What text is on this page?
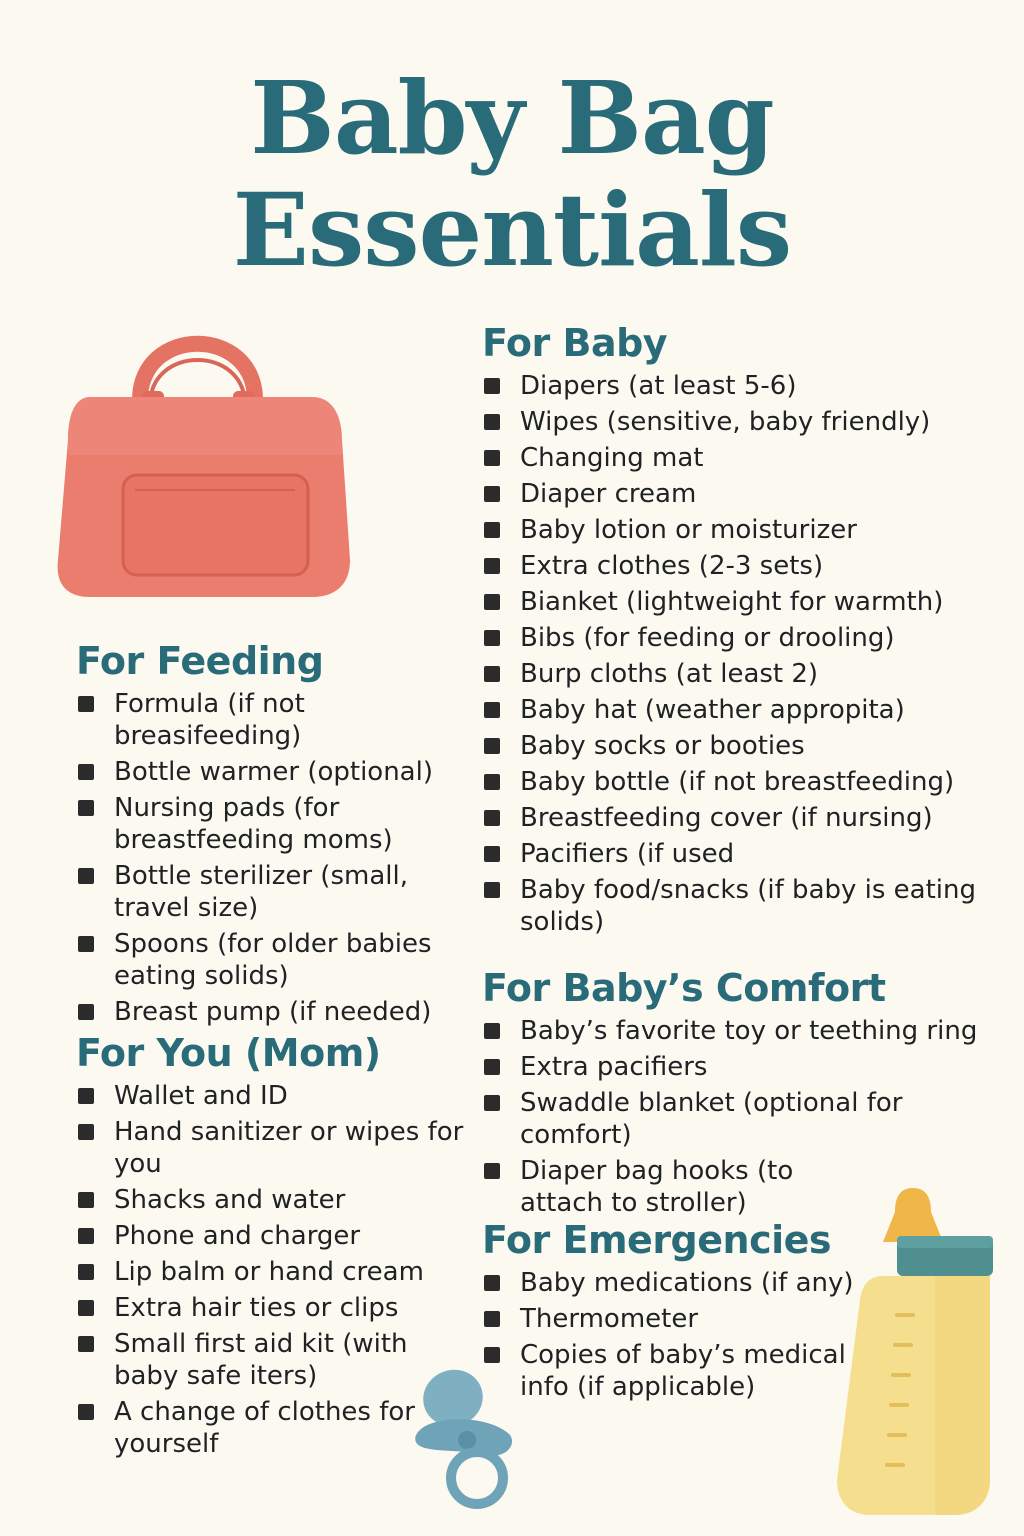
Baby Bag
Essentials
For Feeding
Formula (if not breasifeeding)
Bottle warmer (optional)
Nursing pads (for breastfeeding moms)
Bottle sterilizer (small, travel size)
Spoons (for older babies eating solids)
Breast pump (if needed)
For You (Mom)
Wallet and ID
Hand sanitizer or wipes for you
Shacks and water
Phone and charger
Lip balm or hand cream
Extra hair ties or clips
Small first aid kit (with baby safe iters)
A change of clothes for yourself
For Baby
Diapers (at least 5-6)
Wipes (sensitive, baby friendly)
Changing mat
Diaper cream
Baby lotion or moisturizer
Extra clothes (2-3 sets)
Bianket (lightweight for warmth)
Bibs (for feeding or drooling)
Burp cloths (at least 2)
Baby hat (weather appropita)
Baby socks or booties
Baby bottle (if not breastfeeding)
Breastfeeding cover (if nursing)
Pacifiers (if used
Baby food/snacks (if baby is eating solids)
For Baby’s Comfort
Baby’s favorite toy or teething ring
Extra pacifiers
Swaddle blanket (optional for comfort)
Diaper bag hooks (to attach to stroller)
For Emergencies
Baby medications (if any)
Thermometer
Copies of baby’s medical info (if applicable)
